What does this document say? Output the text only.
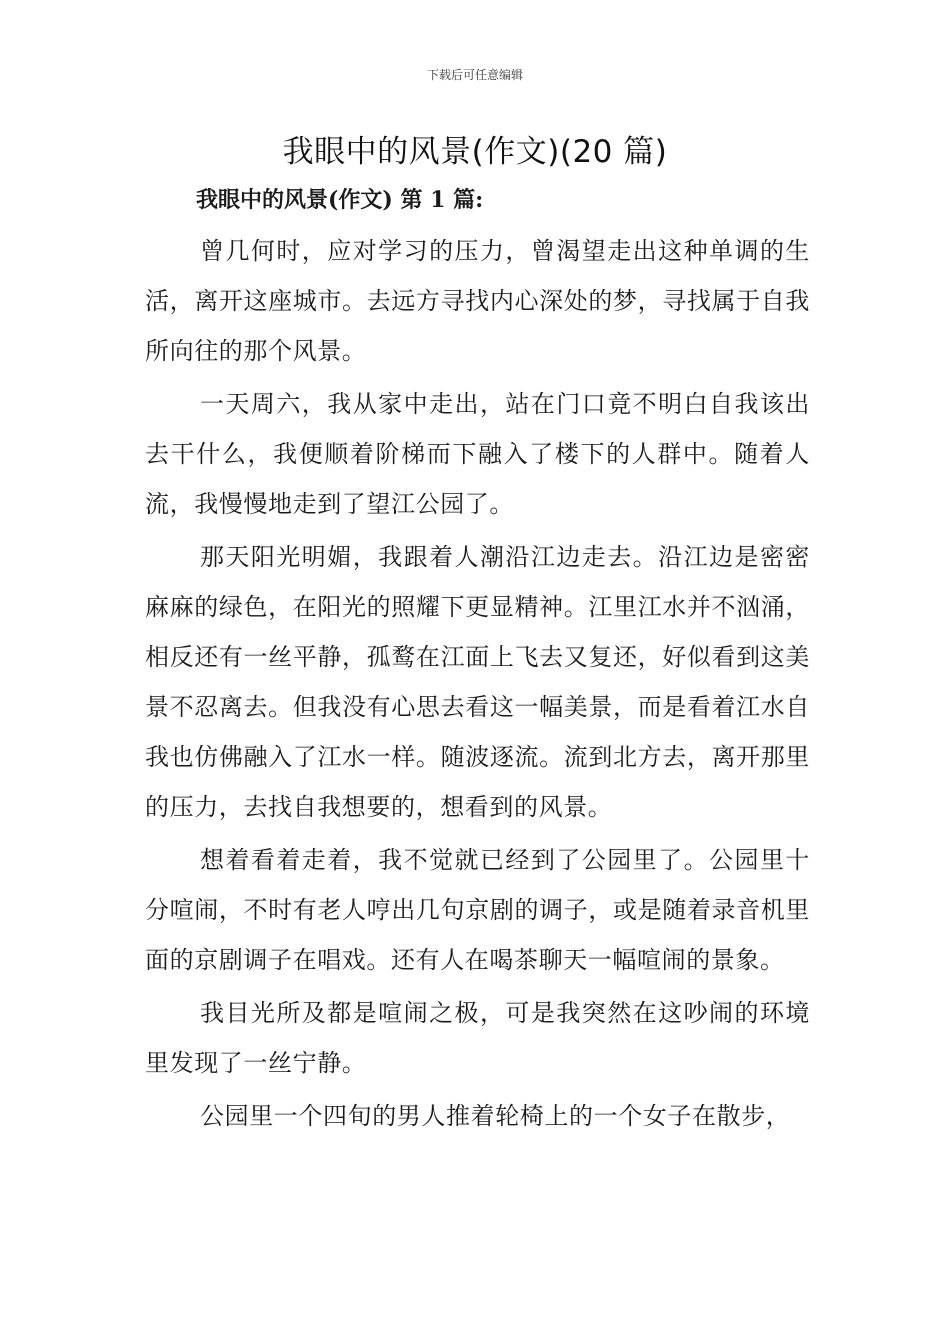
下载后可任意编辑
我眼中的风景(作文)(20 篇)
我眼中的风景(作文) 第 1 篇:

曾几何时，应对学习的压力，曾渴望走出这种单调的生活，离开这座城市。去远方寻找内心深处的梦，寻找属于自我所向往的那个风景。

一天周六，我从家中走出，站在门口竟不明白自我该出去干什么，我便顺着阶梯而下融入了楼下的人群中。随着人流，我慢慢地走到了望江公园了。

那天阳光明媚，我跟着人潮沿江边走去。沿江边是密密麻麻的绿色，在阳光的照耀下更显精神。江里江水并不汹涌，相反还有一丝平静，孤鹜在江面上飞去又复还，好似看到这美景不忍离去。但我没有心思去看这一幅美景，而是看着江水自我也仿佛融入了江水一样。随波逐流。流到北方去，离开那里的压力，去找自我想要的，想看到的风景。

想着看着走着，我不觉就已经到了公园里了。公园里十分喧闹，不时有老人哼出几句京剧的调子，或是随着录音机里面的京剧调子在唱戏。还有人在喝茶聊天一幅喧闹的景象。

我目光所及都是喧闹之极，可是我突然在这吵闹的环境里发现了一丝宁静。

公园里一个四旬的男人推着轮椅上的一个女子在散步，
